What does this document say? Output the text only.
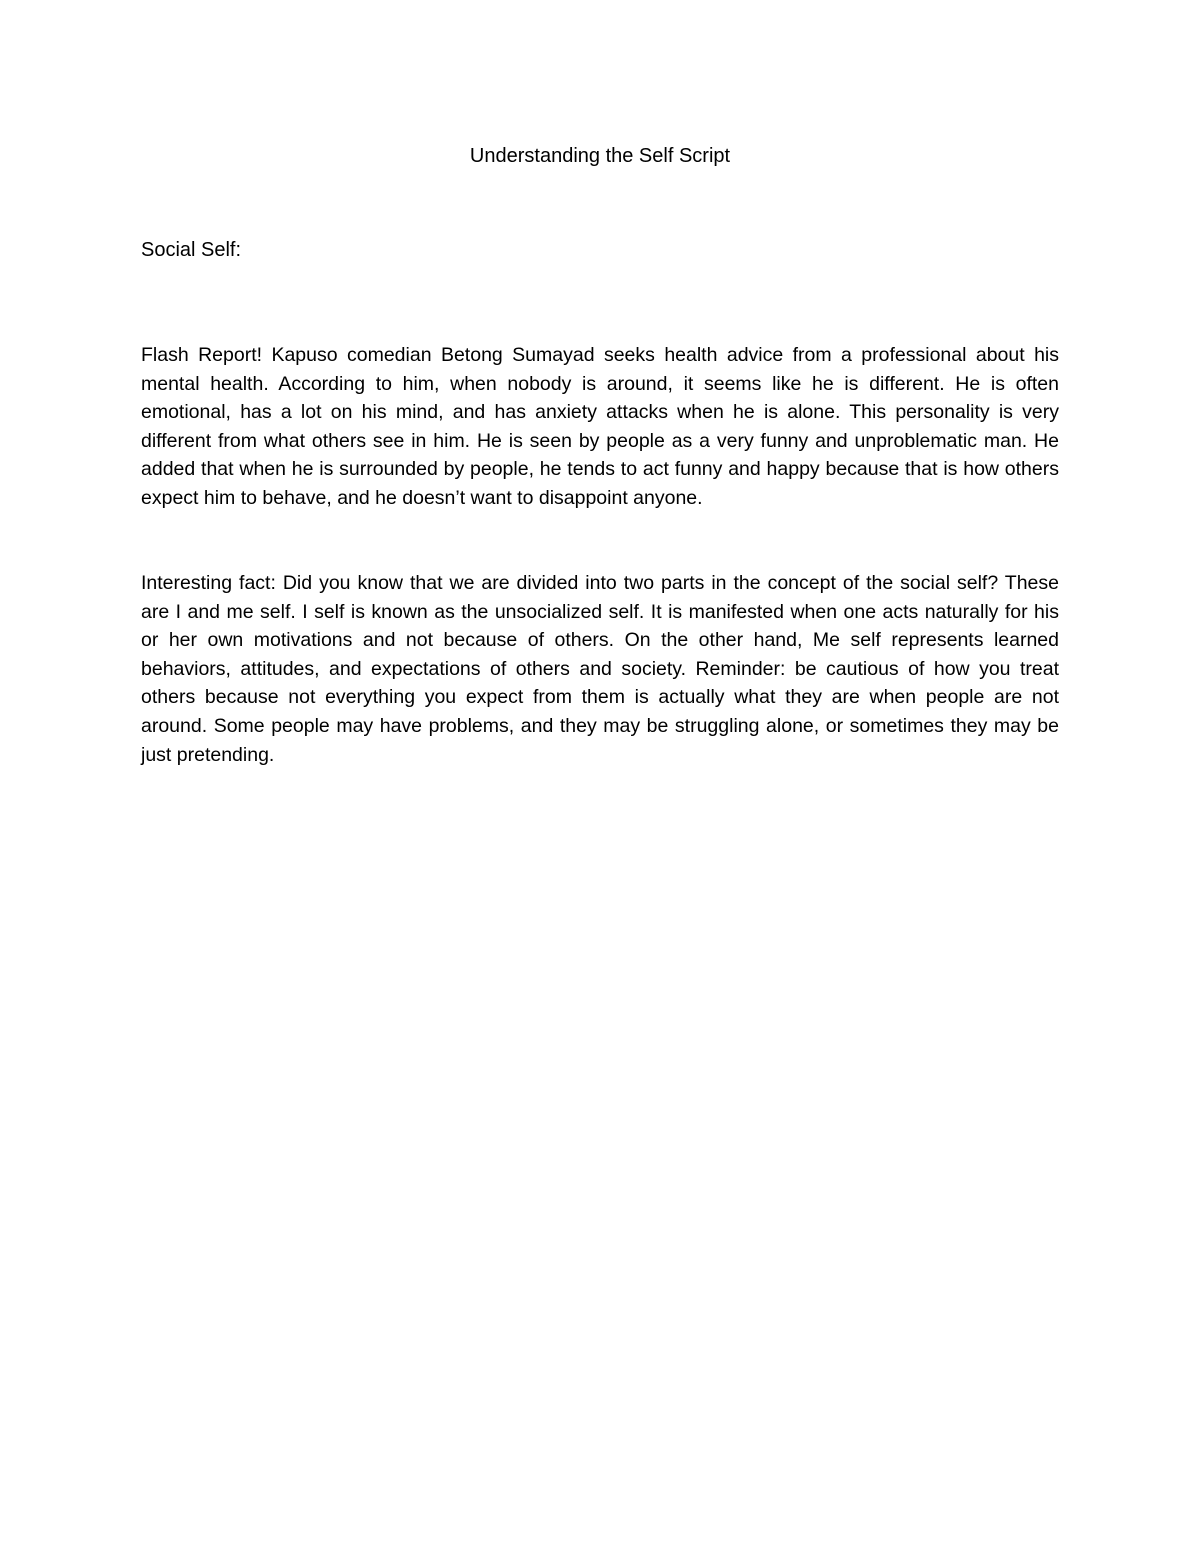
Understanding the Self Script
Social Self:

Flash Report! Kapuso comedian Betong Sumayad seeks health advice from a professional about his mental health. According to him, when nobody is around, it seems like he is different. He is often emotional, has a lot on his mind, and has anxiety attacks when he is alone. This personality is very different from what others see in him. He is seen by people as a very funny and unproblematic man. He added that when he is surrounded by people, he tends to act funny and happy because that is how others expect him to behave, and he doesn’t want to disappoint anyone.

Interesting fact: Did you know that we are divided into two parts in the concept of the social self? These are I and me self. I self is known as the unsocialized self. It is manifested when one acts naturally for his or her own motivations and not because of others. On the other hand, Me self represents learned behaviors, attitudes, and expectations of others and society. Reminder: be cautious of how you treat others because not everything you expect from them is actually what they are when people are not around. Some people may have problems, and they may be struggling alone, or sometimes they may be just pretending.
